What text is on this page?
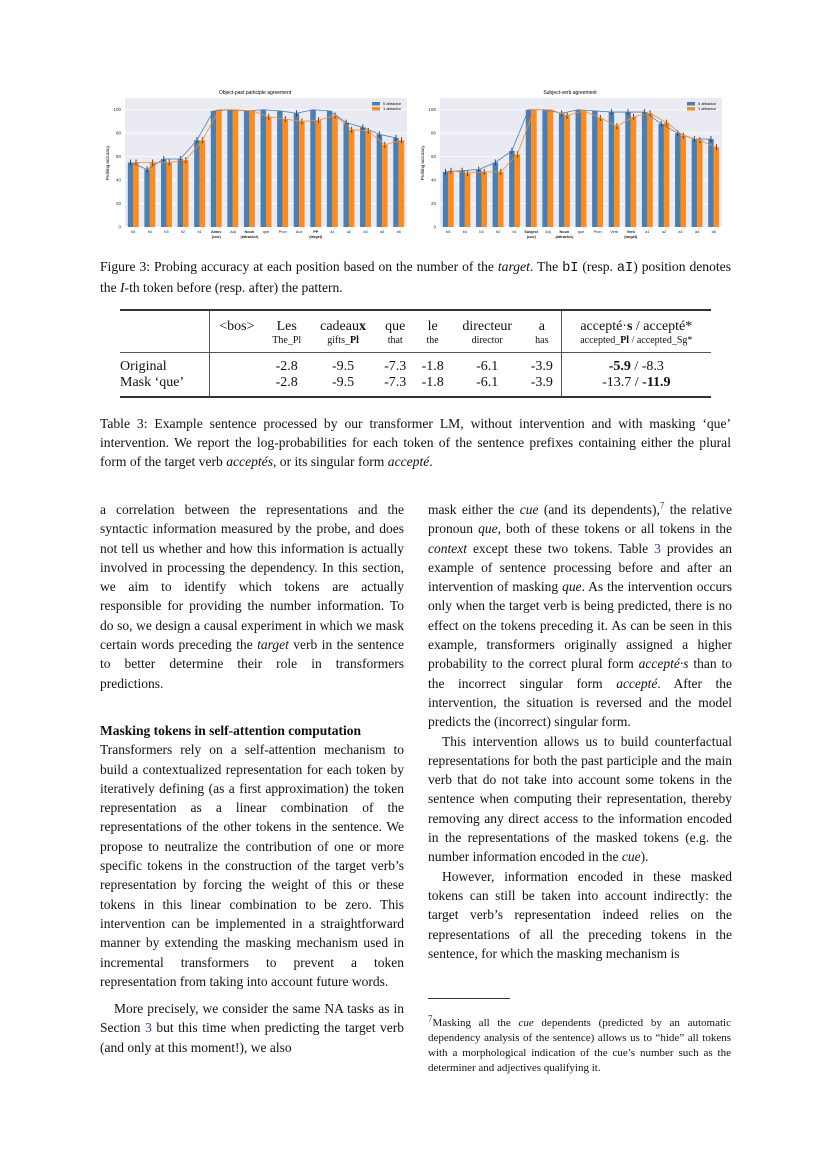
0
20
40
60
80
100
Object-past participle agreement
Probing accuracy
b5	b4	b3	b2	b1 Antec
(cue)
Adj Noun
(attractor)
que Pron Aux	PP
(target)
a1	a2	a3	a4	a5
0 attractor
1 attractor
0
20
40
60
80
100
Subject-verb agreement
Probing accuracy
b5	b4	b3	b2	b1 Subject
(cue)
Adj Noun
(attractor)
que Pron Verb Verb
(target)
a1	a2	a3	a4	a5
0 attractor
1 attractor
Figure 3: Probing accuracy at each position based on the number of the target. The bI (resp. aI) position denotes the I-th token before (resp. after) the pattern.
	<bos>	Les	cadeaux	que	le	directeur	a	accepté·s / accepté*
		The_Pl	gifts_Pl	that	the	director	has	accepted_Pl / accepted_Sg*
Original		-2.8	-9.5	-7.3	-1.8	-6.1	-3.9	-5.9 / -8.3
Mask ‘que’		-2.8	-9.5	-7.3	-1.8	-6.1	-3.9	-13.7 / -11.9
Table 3: Example sentence processed by our transformer LM, without intervention and with masking ‘que’ intervention. We report the log-probabilities for each token of the sentence prefixes containing either the plural form of the target verb acceptés, or its singular form accepté.

a correlation between the representations and the syntactic information measured by the probe, and does not tell us whether and how this information is actually involved in processing the dependency. In this section, we aim to identify which tokens are actually responsible for providing the number information. To do so, we design a causal experiment in which we mask certain words preceding the target verb in the sentence to better determine their role in transformers predictions.

Masking tokens in self-attention computation

Transformers rely on a self-attention mechanism to build a contextualized representation for each token by iteratively defining (as a first approximation) the token representation as a linear combination of the representations of the other tokens in the sentence. We propose to neutralize the contribution of one or more specific tokens in the construction of the target verb’s representation by forcing the weight of this or these tokens in this linear combination to be zero. This intervention can be implemented in a straightforward manner by extending the masking mechanism used in incremental transformers to prevent a token representation from taking into account future words.

More precisely, we consider the same NA tasks as in Section 3 but this time when predicting the target verb (and only at this moment!), we also

mask either the cue (and its dependents),$^7$ the relative pronoun que, both of these tokens or all tokens in the context except these two tokens. Table 3 provides an example of sentence processing before and after an intervention of masking que. As the intervention occurs only when the target verb is being predicted, there is no effect on the tokens preceding it. As can be seen in this example, transformers originally assigned a higher probability to the correct plural form accepté·s than to the incorrect singular form accepté. After the intervention, the situation is reversed and the model predicts the (incorrect) singular form.

This intervention allows us to build counterfactual representations for both the past participle and the main verb that do not take into account some tokens in the sentence when computing their representation, thereby removing any direct access to the information encoded in the representations of the masked tokens (e.g. the number information encoded in the cue).

However, information encoded in these masked tokens can still be taken into account indirectly: the target verb’s representation indeed relies on the representations of all the preceding tokens in the sentence, for which the masking mechanism is

$^7$Masking all the cue dependents (predicted by an automatic dependency analysis of the sentence) allows us to “hide” all tokens with a morphological indication of the cue’s number such as the determiner and adjectives qualifying it.
